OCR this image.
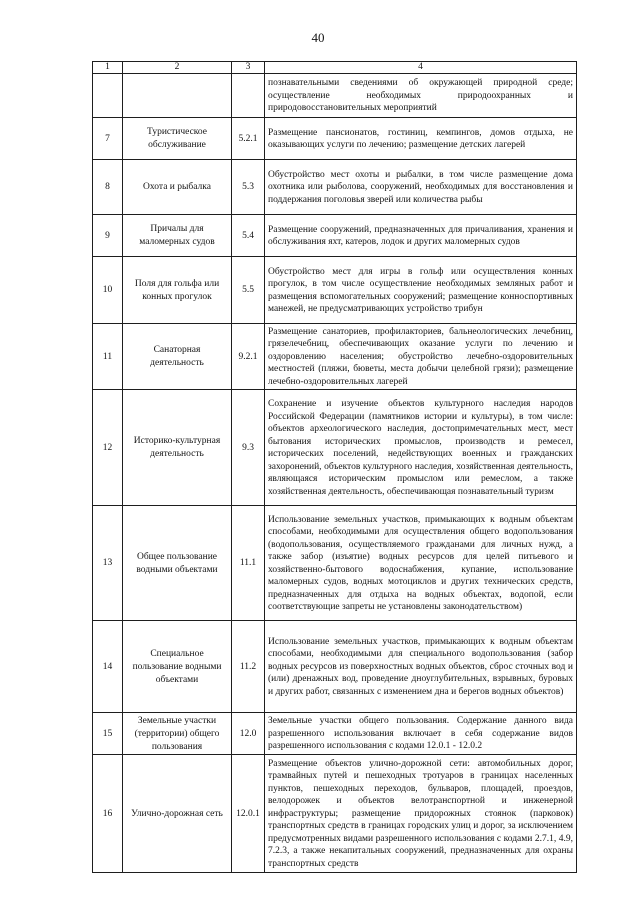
40
1	2	3	4
			познавательными сведениями об окружающей природной среде; осуществление необходимых природоохранных и природовосстановительных мероприятий
7	Туристическое обслуживание	5.2.1	Размещение пансионатов, гостиниц, кемпингов, домов отдыха, не оказывающих услуги по лечению; размещение детских лагерей
8	Охота и рыбалка	5.3	Обустройство мест охоты и рыбалки, в том числе размещение дома охотника или рыболова, сооружений, необходимых для восстановления и поддержания поголовья зверей или количества рыбы
9	Причалы для маломерных судов	5.4	Размещение сооружений, предназначенных для причаливания, хранения и обслуживания яхт, катеров, лодок и других маломерных судов
10	Поля для гольфа или конных прогулок	5.5	Обустройство мест для игры в гольф или осуществления конных прогулок, в том числе осуществление необходимых земляных работ и размещения вспомогательных сооружений; размещение конноспортивных манежей, не предусматривающих устройство трибун
11	Санаторная деятельность	9.2.1	Размещение санаториев, профилакториев, бальнеологических лечебниц, грязелечебниц, обеспечивающих оказание услуги по лечению и оздоровлению населения; обустройство лечебно-оздоровительных местностей (пляжи, бюветы, места добычи целебной грязи); размещение лечебно-оздоровительных лагерей
12	Историко-культурная деятельность	9.3	Сохранение и изучение объектов культурного наследия народов Российской Федерации (памятников истории и культуры), в том числе: объектов археологического наследия, достопримечательных мест, мест бытования исторических промыслов, производств и ремесел, исторических поселений, недействующих военных и гражданских захоронений, объектов культурного наследия, хозяйственная деятельность, являющаяся историческим промыслом или ремеслом, а также хозяйственная деятельность, обеспечивающая познавательный туризм
13	Общее пользование водными объектами	11.1	Использование земельных участков, примыкающих к водным объектам способами, необходимыми для осуществления общего водопользования (водопользования, осуществляемого гражданами для личных нужд, а также забор (изъятие) водных ресурсов для целей питьевого и хозяйственно-бытового водоснабжения, купание, использование маломерных судов, водных мотоциклов и других технических средств, предназначенных для отдыха на водных объектах, водопой, если соответствующие запреты не установлены законодательством)
14	Специальное пользование водными объектами	11.2	Использование земельных участков, примыкающих к водным объектам способами, необходимыми для специального водопользования (забор водных ресурсов из поверхностных водных объектов, сброс сточных вод и (или) дренажных вод, проведение дноуглубительных, взрывных, буровых и других работ, связанных с изменением дна и берегов водных объектов)
15	Земельные участки (территории) общего пользования	12.0	Земельные участки общего пользования. Содержание данного вида разрешенного использования включает в себя содержание видов разрешенного использования с кодами 12.0.1 - 12.0.2
16	Улично-дорожная сеть	12.0.1	Размещение объектов улично-дорожной сети: автомобильных дорог, трамвайных путей и пешеходных тротуаров в границах населенных пунктов, пешеходных переходов, бульваров, площадей, проездов, велодорожек и объектов велотранспортной и инженерной инфраструктуры; размещение придорожных стоянок (парковок) транспортных средств в границах городских улиц и дорог, за исключением предусмотренных видами разрешенного использования с кодами 2.7.1, 4.9, 7.2.3, а также некапитальных сооружений, предназначенных для охраны транспортных средств
